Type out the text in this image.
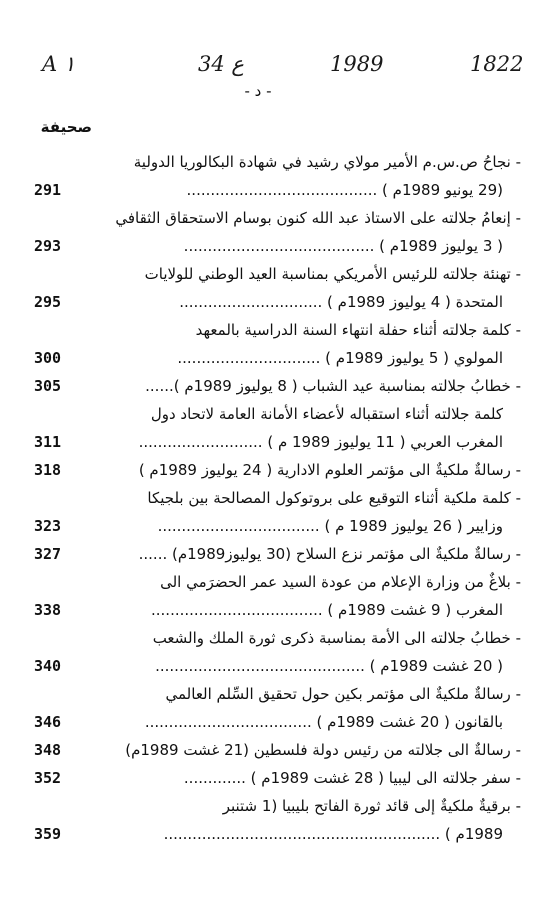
A ١	34 ع	1989	1822
- د -
صحيفة
- نجاحُ ص.س.م الأمير مولاي رشيد في شهادة البكالوريا الدولية
(29 يونيو 1989م ) ........................................
291
- إنعامُ جلالته على الاستاذ عبد الله كنون بوسام الاستحقاق الثقافي
( 3 يوليوز 1989م ) ........................................
293
- تهنئة جلالته للرئيس الأمريكي بمناسبة العيد الوطني للولايات
المتحدة ( 4 يوليوز 1989م ) ..............................
295
- كلمة جلالته أثناء حفلة انتهاء السنة الدراسية بالمعهد
المولوي ( 5 يوليوز 1989م ) ..............................
300
- خطابُ جلالته بمناسبة عيد الشباب ( 8 يوليوز 1989م )......
305
كلمة جلالته أثناء استقباله لأعضاء الأمانة العامة لاتحاد دول
المغرب العربي ( 11 يوليوز 1989 م ) ..........................
311
- رسالةٌ ملكيةٌ الى مؤتمر العلوم الادارية ( 24 يوليوز 1989م )
318
- كلمة ملكية أثناء التوقيع على بروتوكول المصالحة بين بلجيكا
وزايير ( 26 يوليوز 1989 م ) ..................................
323
- رسالةٌ ملكيةٌ الى مؤتمر نزع السلاح (30 يوليوز1989م) ......
327
- بلاغٌ من وزارة الإعلام من عودة السيد عمر الحضرَمي الى
المغرب ( 9 غشت 1989م ) ....................................
338
- خطابُ جلالته الى الأمة بمناسبة ذكرى ثورة الملك والشعب
( 20 غشت 1989م ) ............................................
340
- رسالةٌ ملكيةٌ الى مؤتمر بكين حول تحقيق السِّلم العالمي
بالقانون ( 20 غشت 1989م ) ...................................
346
- رسالةٌ الى جلالته من رئيس دولة فلسطين (21 غشت 1989م)
348
- سفر جلالته الى ليبيا ( 28 غشت 1989م ) .............
352
- برقيةٌ ملكيةٌ إلى قائد ثورة الفاتح بليبيا (1 شتنبر
1989م ) ..........................................................
359
